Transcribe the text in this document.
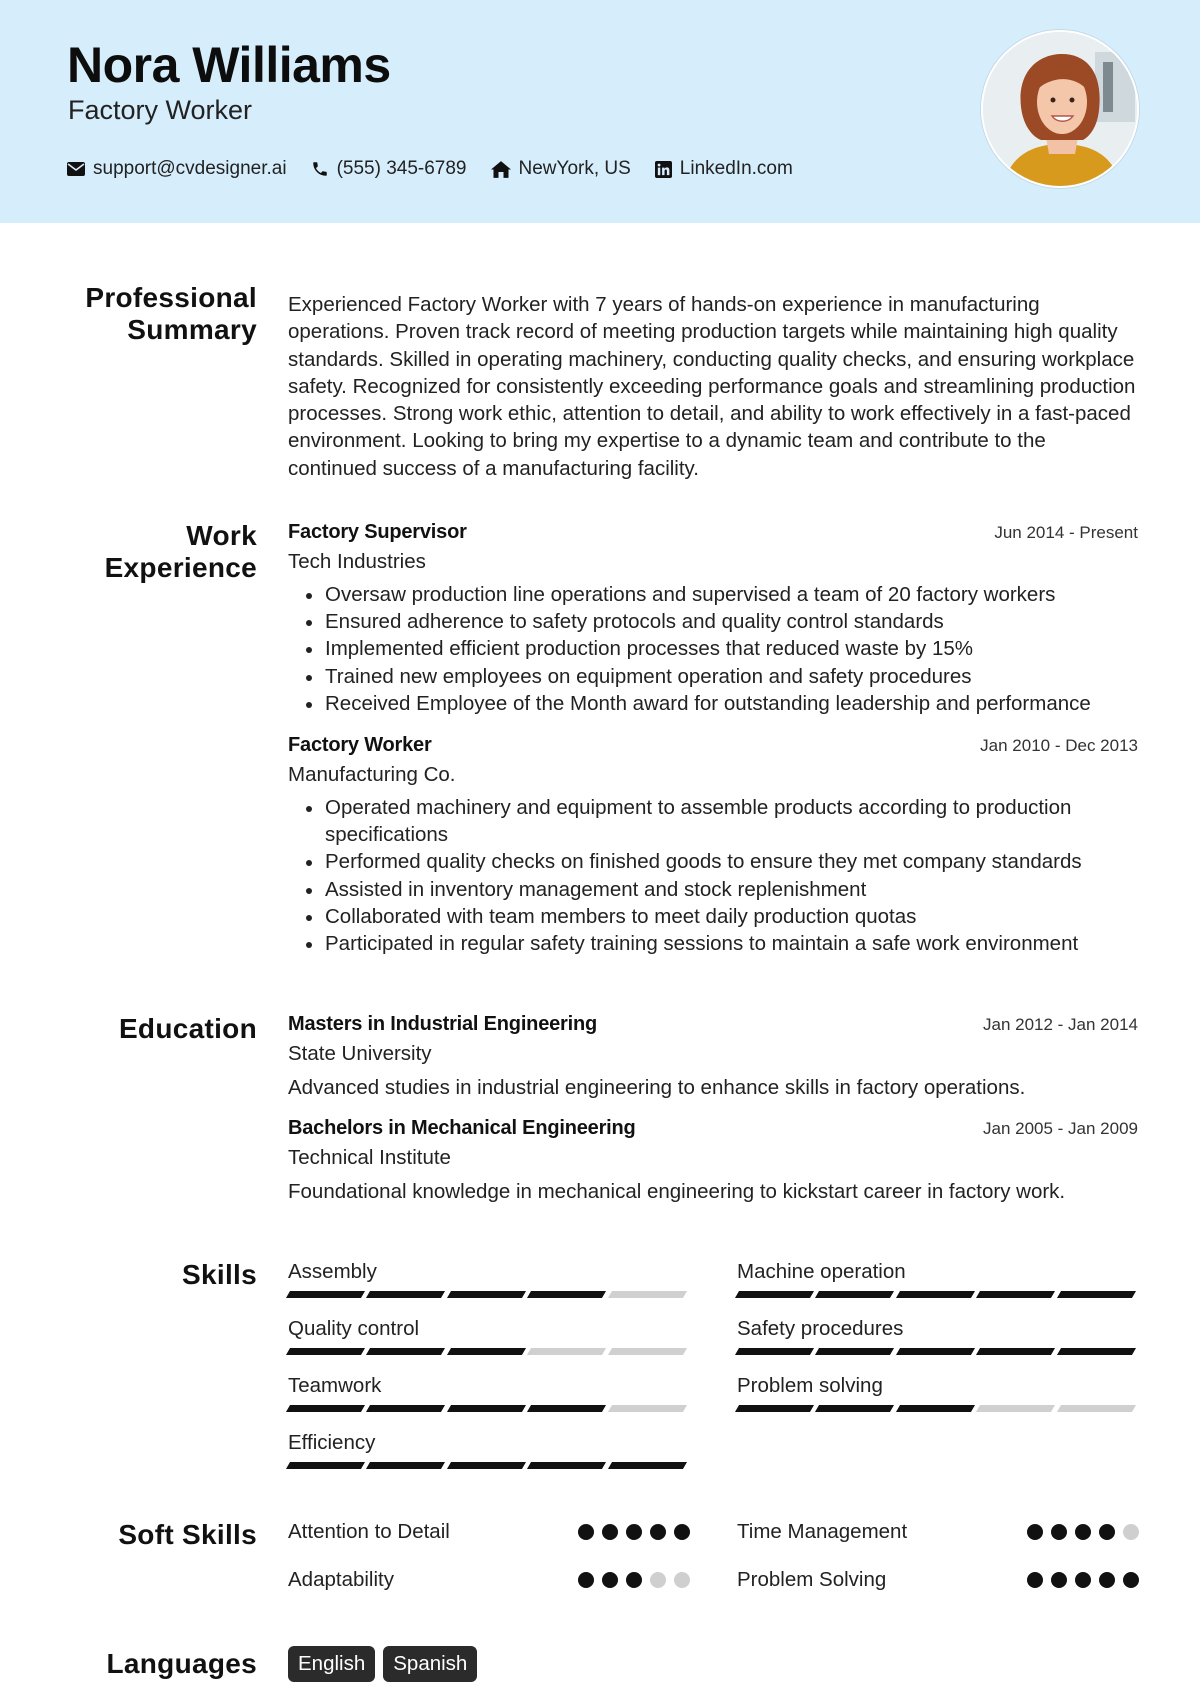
Nora Williams
Factory Worker
support@cvdesigner.ai	(555) 345-6789	NewYork, US	LinkedIn.com
Professional Summary
Experienced Factory Worker with 7 years of hands-on experience in manufacturing operations. Proven track record of meeting production targets while maintaining high quality standards. Skilled in operating machinery, conducting quality checks, and ensuring workplace safety. Recognized for consistently exceeding performance goals and streamlining production processes. Strong work ethic, attention to detail, and ability to work effectively in a fast-paced environment. Looking to bring my expertise to a dynamic team and contribute to the continued success of a manufacturing facility.
Work Experience
Factory Supervisor	Jun 2014 - Present
Tech Industries
Oversaw production line operations and supervised a team of 20 factory workers
Ensured adherence to safety protocols and quality control standards
Implemented efficient production processes that reduced waste by 15%
Trained new employees on equipment operation and safety procedures
Received Employee of the Month award for outstanding leadership and performance
Factory Worker	Jan 2010 - Dec 2013
Manufacturing Co.
Operated machinery and equipment to assemble products according to production specifications
Performed quality checks on finished goods to ensure they met company standards
Assisted in inventory management and stock replenishment
Collaborated with team members to meet daily production quotas
Participated in regular safety training sessions to maintain a safe work environment
Education Masters in Industrial Engineering	Jan 2012 - Jan 2014
State University
Advanced studies in industrial engineering to enhance skills in factory operations.
Bachelors in Mechanical Engineering	Jan 2005 - Jan 2009
Technical Institute
Foundational knowledge in mechanical engineering to kickstart career in factory work.
Skills Assembly	Machine operation
Quality control	Safety procedures
Teamwork	Problem solving
Efficiency
Soft Skills Attention to Detail	Time Management
Adaptability	Problem Solving
Languages	English	Spanish
